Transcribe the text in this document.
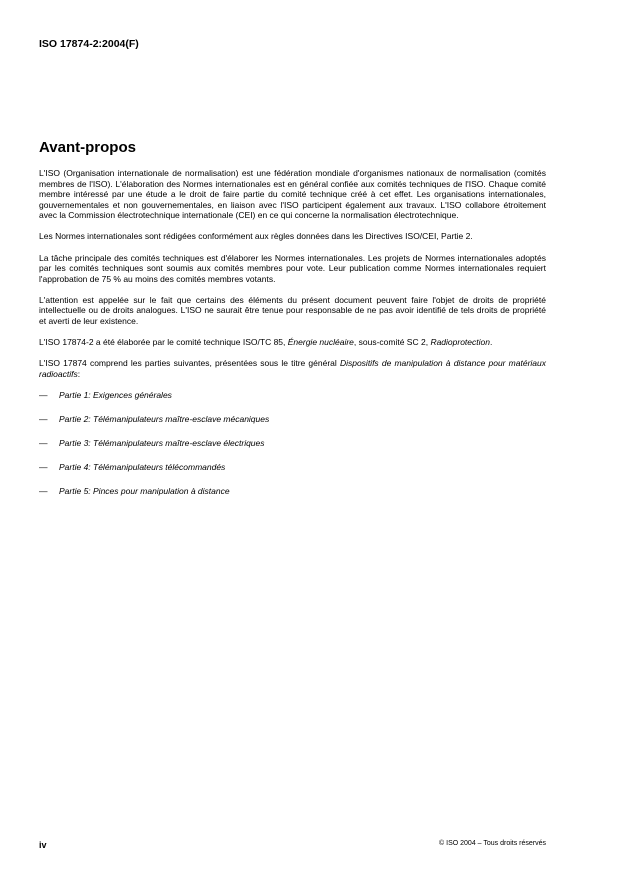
ISO 17874-2:2004(F)
Avant-propos

L'ISO (Organisation internationale de normalisation) est une fédération mondiale d'organismes nationaux de normalisation (comités membres de l'ISO). L'élaboration des Normes internationales est en général confiée aux comités techniques de l'ISO. Chaque comité membre intéressé par une étude a le droit de faire partie du comité technique créé à cet effet. Les organisations internationales, gouvernementales et non gouvernementales, en liaison avec l'ISO participent également aux travaux. L'ISO collabore étroitement avec la Commission électrotechnique internationale (CEI) en ce qui concerne la normalisation électrotechnique.

Les Normes internationales sont rédigées conformément aux règles données dans les Directives ISO/CEI, Partie 2.

La tâche principale des comités techniques est d'élaborer les Normes internationales. Les projets de Normes internationales adoptés par les comités techniques sont soumis aux comités membres pour vote. Leur publication comme Normes internationales requiert l'approbation de 75 % au moins des comités membres votants.

L'attention est appelée sur le fait que certains des éléments du présent document peuvent faire l'objet de droits de propriété intellectuelle ou de droits analogues. L'ISO ne saurait être tenue pour responsable de ne pas avoir identifié de tels droits de propriété et averti de leur existence.

L'ISO 17874-2 a été élaborée par le comité technique ISO/TC 85, Énergie nucléaire, sous-comité SC 2, Radioprotection.

L'ISO 17874 comprend les parties suivantes, présentées sous le titre général Dispositifs de manipulation à distance pour matériaux radioactifs:

— Partie 1: Exigences générales
— Partie 2: Télémanipulateurs maître-esclave mécaniques
— Partie 3: Télémanipulateurs maître-esclave électriques
— Partie 4: Télémanipulateurs télécommandés
— Partie 5: Pinces pour manipulation à distance
iv	© ISO 2004 – Tous droits réservés
